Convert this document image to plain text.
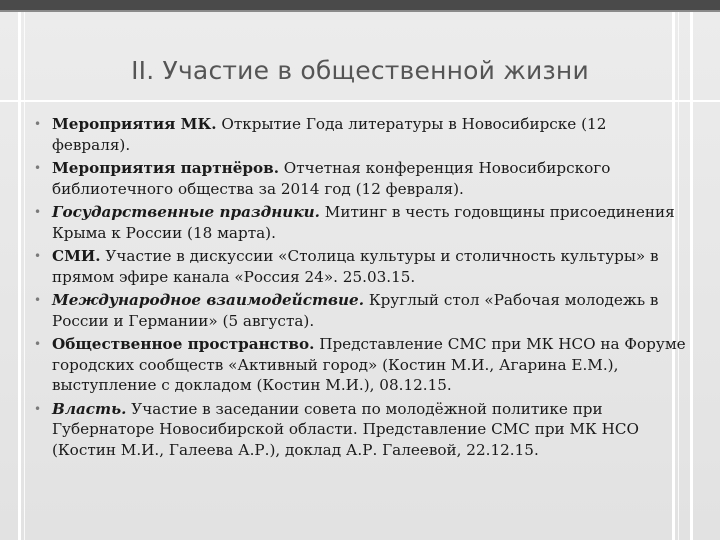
II. Участие в общественной жизни
• Мероприятия МК. Открытие Года литературы в Новосибирске (12 февраля).
• Мероприятия партнёров. Отчетная конференция Новосибирского библиотечного общества за 2014 год (12 февраля).
• Государственные праздники. Митинг в честь годовщины присоединения Крыма к России (18 марта).
• СМИ. Участие в дискуссии «Столица культуры и столичность культуры» в прямом эфире канала «Россия 24». 25.03.15.
• Международное взаимодействие. Круглый стол «Рабочая молодежь в России и Германии» (5 августа).
• Общественное пространство. Представление СМС при МК НСО на Форуме городских сообществ «Активный город» (Костин М.И., Агарина Е.М.), выступление с докладом (Костин М.И.), 08.12.15.
• Власть. Участие в заседании совета по молодёжной политике при Губернаторе Новосибирской области. Представление СМС при МК НСО (Костин М.И., Галеева А.Р.), доклад А.Р. Галеевой, 22.12.15.
